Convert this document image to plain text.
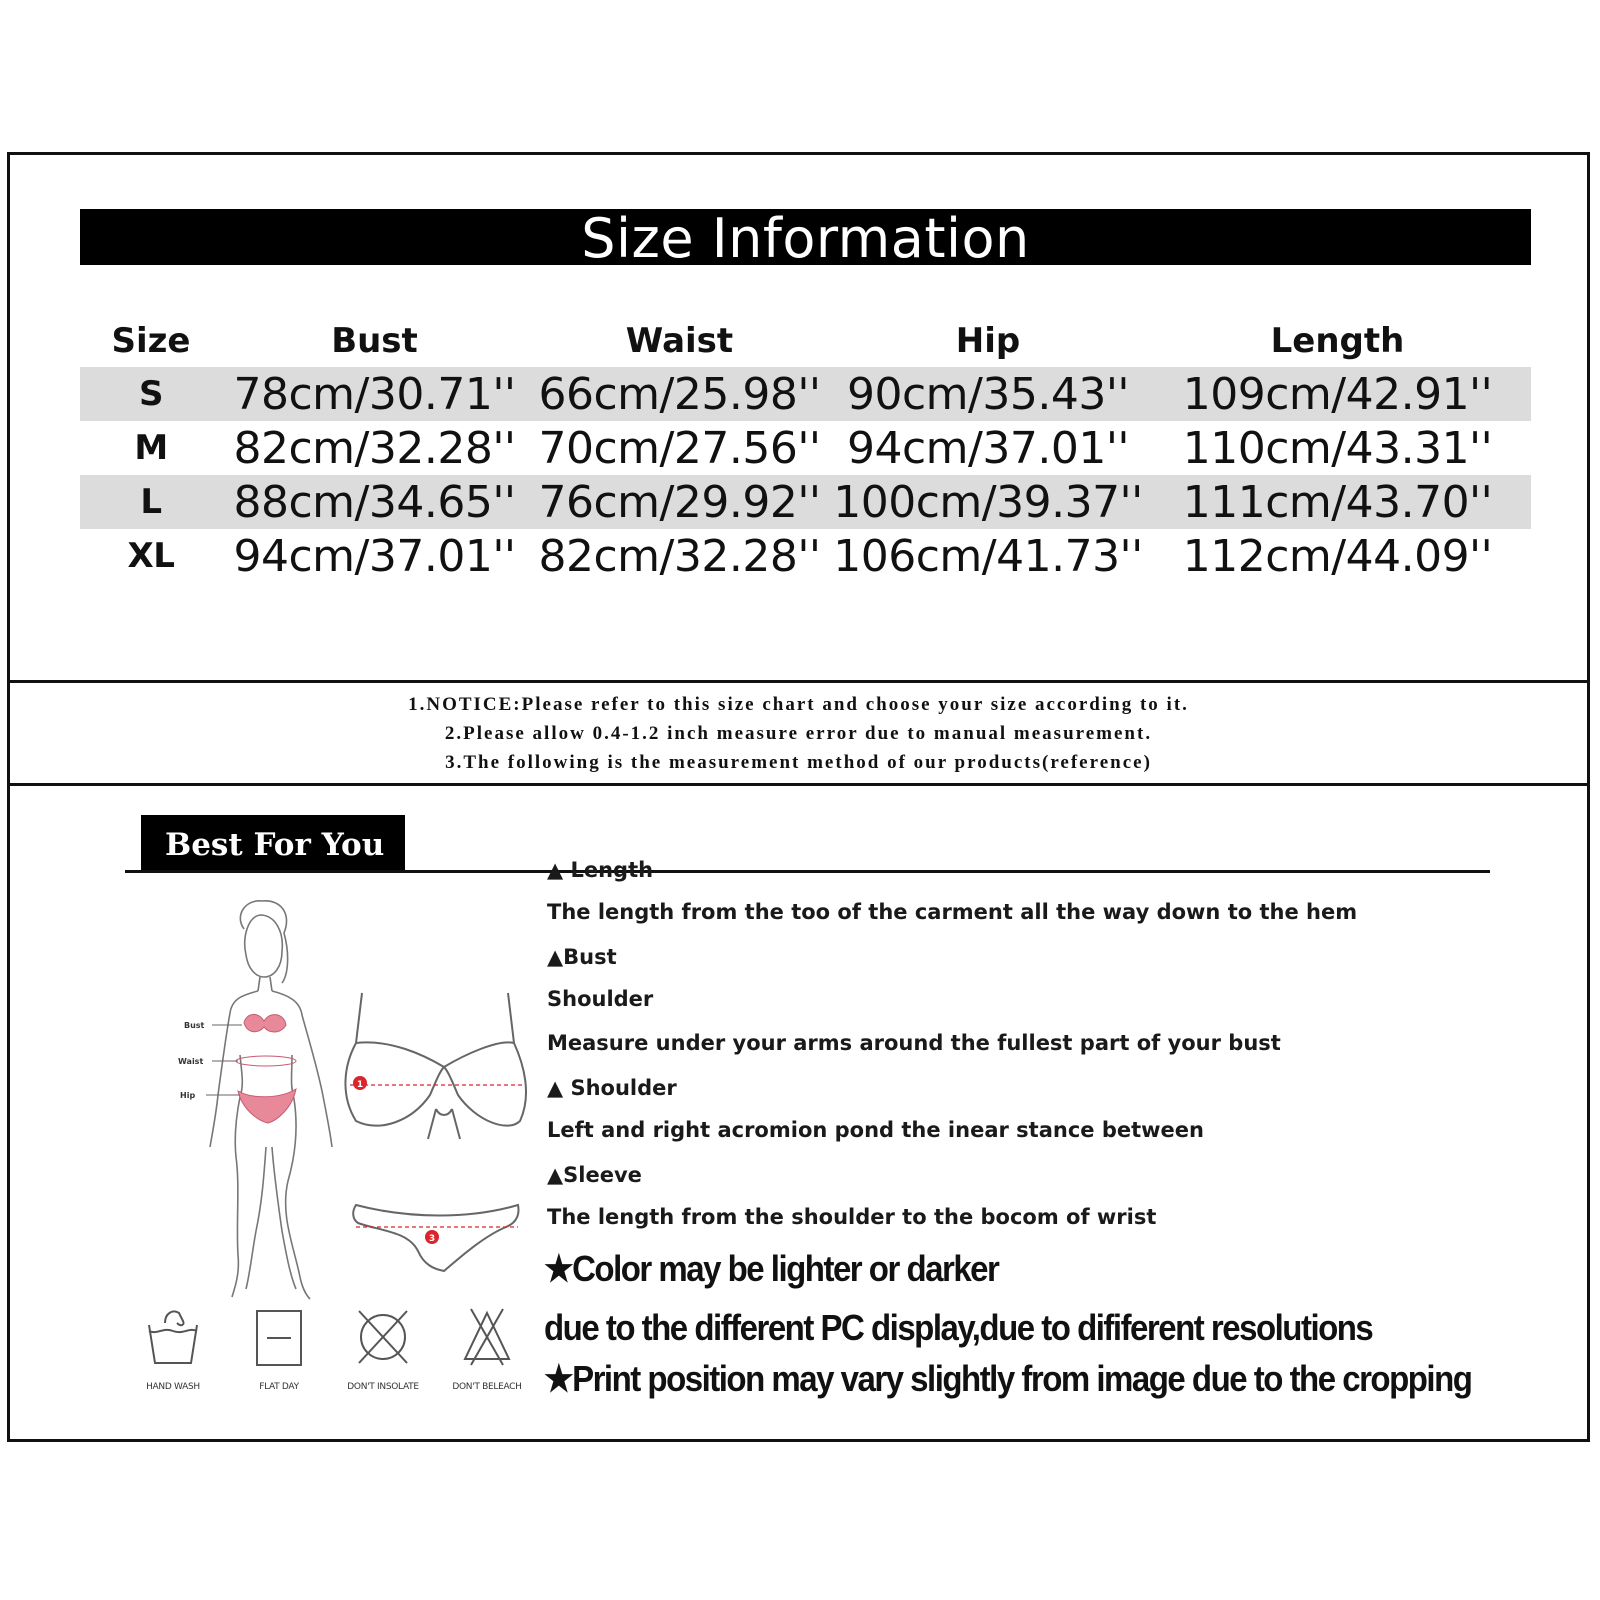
Size Information
Size	Bust	Waist	Hip	Length
S	78cm/30.71''	66cm/25.98''	90cm/35.43''	109cm/42.91''
M	82cm/32.28''	70cm/27.56''	94cm/37.01''	110cm/43.31''
L	88cm/34.65''	76cm/29.92''	100cm/39.37''	111cm/43.70''
XL	94cm/37.01''	82cm/32.28''	106cm/41.73''	112cm/44.09''
1.NOTICE:Please refer to this size chart and choose your size according to it.
2.Please allow 0.4-1.2 inch measure error due to manual measurement.
3.The following is the measurement method of our products(reference)
Best For You
Bust
Waist
Hip
1
3
▲ Length
The length from the too of the carment all the way down to the hem
▲Bust
Shoulder
Measure under your arms around the fullest part of your bust
▲ Shoulder
Left and right acromion pond the inear stance between
▲Sleeve
The length from the shoulder to the bocom of wrist
★Color may be lighter or darker
due to the different PC display,due to dififerent resolutions
★Print position may vary slightly from image due to the cropping
HAND WASH	FLAT DAY	DON'T INSOLATE	DON'T BELEACH
